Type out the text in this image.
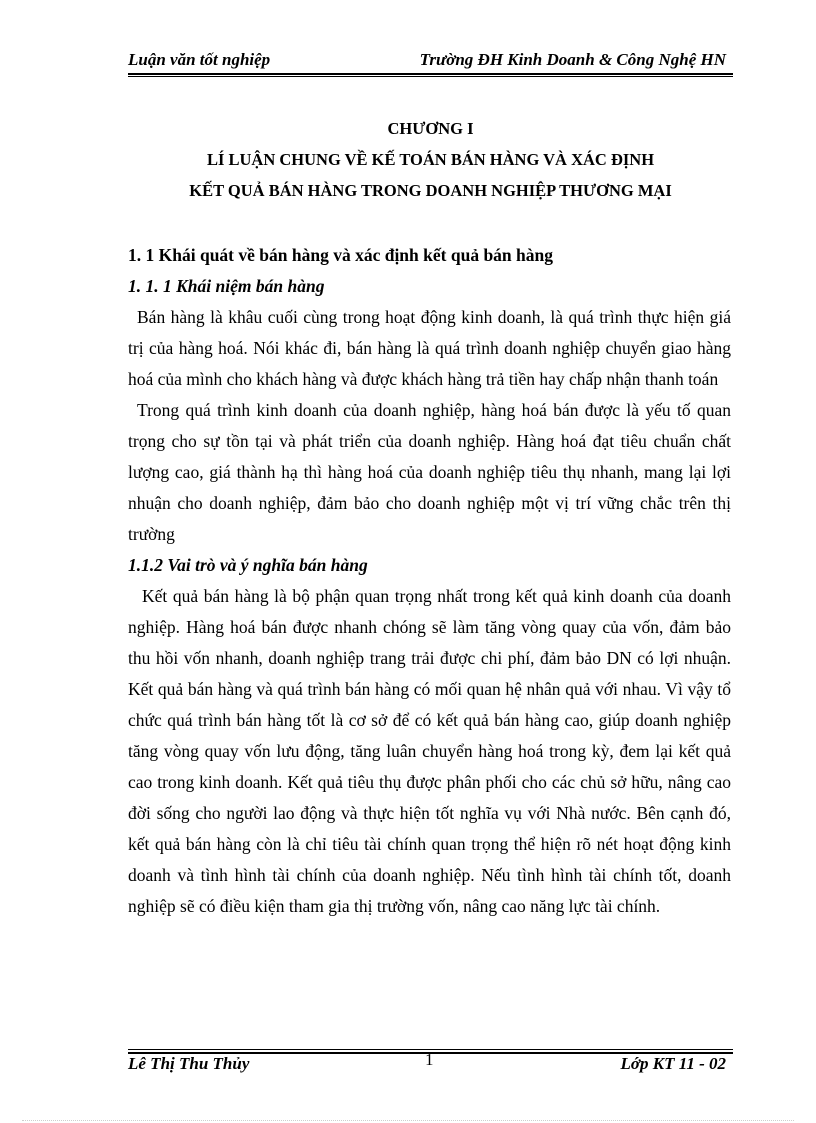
Luận văn tốt nghiệp	Trường ĐH Kinh Doanh & Công Nghệ HN
CHƯƠNG I
LÍ LUẬN CHUNG VỀ KẾ TOÁN BÁN HÀNG VÀ XÁC ĐỊNH
KẾT QUẢ BÁN HÀNG TRONG DOANH NGHIỆP THƯƠNG MẠI
1. 1 Khái quát về bán hàng và xác định kết quả bán hàng
1. 1. 1 Khái niệm bán hàng
Bán hàng là khâu cuối cùng trong hoạt động kinh doanh, là quá trình thực hiện giá trị của hàng hoá. Nói khác đi, bán hàng là quá trình doanh nghiệp chuyển giao hàng hoá của mình cho khách hàng và được khách hàng trả tiền hay chấp nhận thanh toán
Trong quá trình kinh doanh của doanh nghiệp, hàng hoá bán được là yếu tố quan trọng cho sự tồn tại và phát triển của doanh nghiệp. Hàng hoá đạt tiêu chuẩn chất lượng cao, giá thành hạ thì hàng hoá của doanh nghiệp tiêu thụ nhanh, mang lại lợi nhuận cho doanh nghiệp, đảm bảo cho doanh nghiệp một vị trí vững chắc trên thị trường
1.1.2 Vai trò và ý nghĩa bán hàng
Kết quả bán hàng là bộ phận quan trọng nhất trong kết quả kinh doanh của doanh nghiệp. Hàng hoá bán được nhanh chóng sẽ làm tăng vòng quay của vốn, đảm bảo thu hồi vốn nhanh, doanh nghiệp trang trải được chi phí, đảm bảo DN có lợi nhuận. Kết quả bán hàng và quá trình bán hàng có mối quan hệ nhân quả với nhau. Vì vậy tổ chức quá trình bán hàng tốt là cơ sở để có kết quả bán hàng cao, giúp doanh nghiệp tăng vòng quay vốn lưu động, tăng luân chuyển hàng hoá trong kỳ, đem lại kết quả cao trong kinh doanh. Kết quả tiêu thụ được phân phối cho các chủ sở hữu, nâng cao đời sống cho người lao động và thực hiện tốt nghĩa vụ với Nhà nước. Bên cạnh đó, kết quả bán hàng còn là chỉ tiêu tài chính quan trọng thể hiện rõ nét hoạt động kinh doanh và tình hình tài chính của doanh nghiệp. Nếu tình hình tài chính tốt, doanh nghiệp sẽ có điều kiện tham gia thị trường vốn, nâng cao năng lực tài chính.
Lê Thị Thu Thủy	1	Lớp KT 11 - 02
